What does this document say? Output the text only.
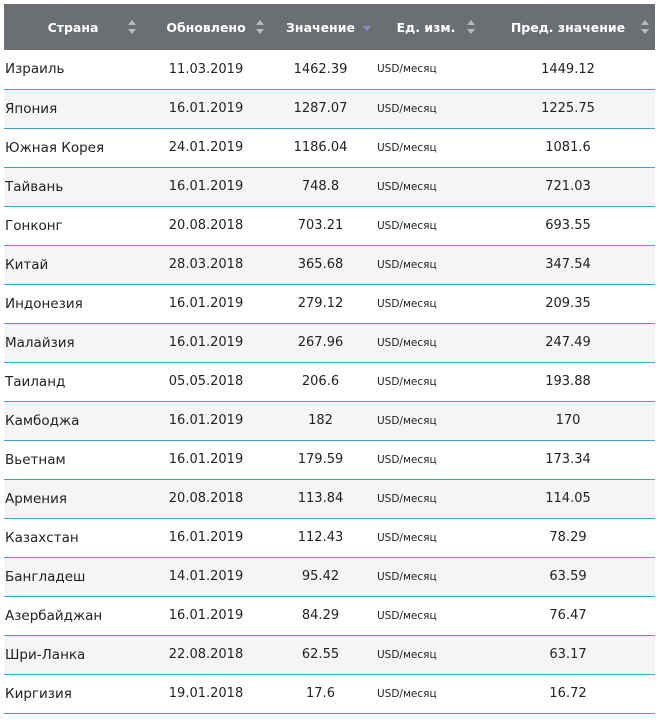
Страна	Обновлено	Значение	Ед. изм.	Пред. значение

Израиль	11.03.2019	1462.39	USD/месяц	1449.12
Япония	16.01.2019	1287.07	USD/месяц	1225.75
Южная Корея	24.01.2019	1186.04	USD/месяц	1081.6
Тайвань	16.01.2019	748.8	USD/месяц	721.03
Гонконг	20.08.2018	703.21	USD/месяц	693.55
Китай	28.03.2018	365.68	USD/месяц	347.54
Индонезия	16.01.2019	279.12	USD/месяц	209.35
Малайзия	16.01.2019	267.96	USD/месяц	247.49
Таиланд	05.05.2018	206.6	USD/месяц	193.88
Камбоджа	16.01.2019	182	USD/месяц	170
Вьетнам	16.01.2019	179.59	USD/месяц	173.34
Армения	20.08.2018	113.84	USD/месяц	114.05
Казахстан	16.01.2019	112.43	USD/месяц	78.29
Бангладеш	14.01.2019	95.42	USD/месяц	63.59
Азербайджан	16.01.2019	84.29	USD/месяц	76.47
Шри-Ланка	22.08.2018	62.55	USD/месяц	63.17
Киргизия	19.01.2018	17.6	USD/месяц	16.72
